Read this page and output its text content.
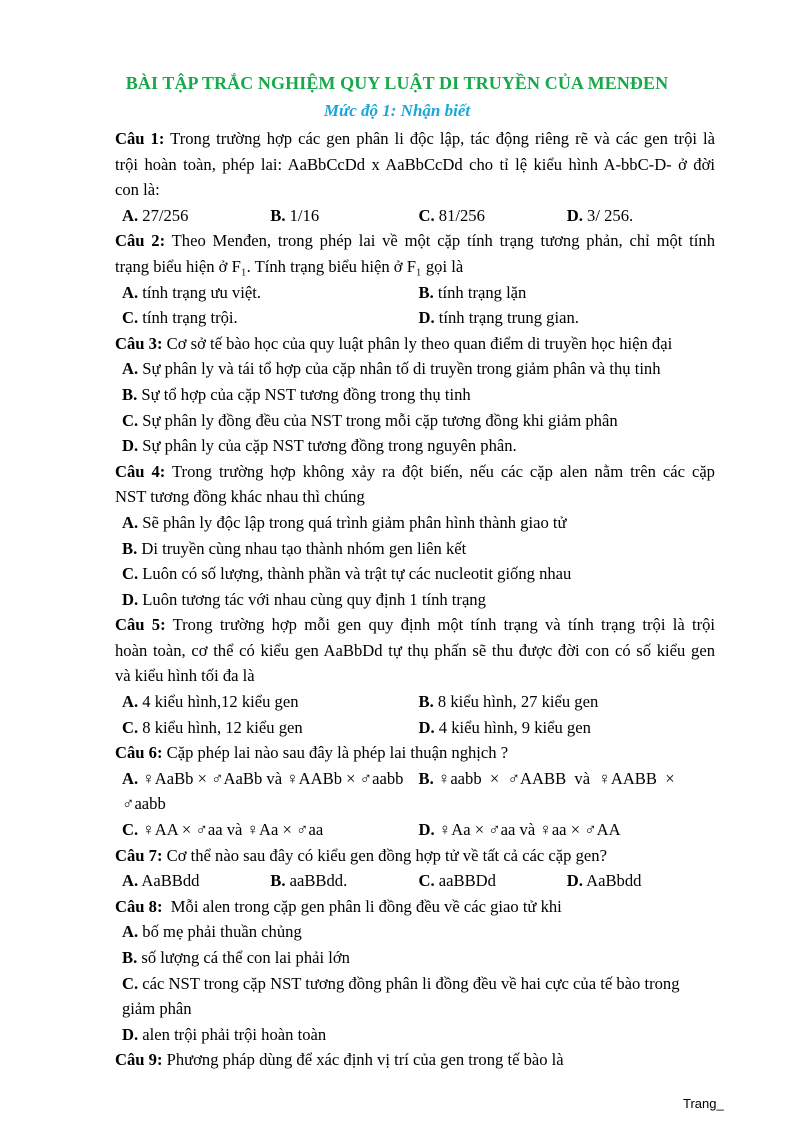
BÀI TẬP TRẮC NGHIỆM QUY LUẬT DI TRUYỀN CỦA MENĐEN
Mức độ 1: Nhận biết
Câu 1: Trong trường hợp các gen phân li độc lập, tác động riêng rẽ và các gen trội là
trội hoàn toàn, phép lai: AaBbCcDd x AaBbCcDd cho tỉ lệ kiểu hình A-bbC-D- ở đời
con là:
A. 27/256	B. 1/16	C. 81/256	D. 3/ 256.
Câu 2: Theo Menđen, trong phép lai về một cặp tính trạng tương phản, chỉ một tính
trạng biểu hiện ở F₁. Tính trạng biểu hiện ở F₁ gọi là
A. tính trạng ưu việt.	B. tính trạng lặn
C. tính trạng trội.	D. tính trạng trung gian.
Câu 3: Cơ sở tế bào học của quy luật phân ly theo quan điểm di truyền học hiện đại
A. Sự phân ly và tái tổ hợp của cặp nhân tố di truyền trong giảm phân và thụ tinh
B. Sự tổ hợp của cặp NST tương đồng trong thụ tinh
C. Sự phân ly đồng đều của NST trong mỗi cặp tương đồng khi giảm phân
D. Sự phân ly của cặp NST tương đồng trong nguyên phân.
Câu 4: Trong trường hợp không xảy ra đột biến, nếu các cặp alen nằm trên các cặp
NST tương đồng khác nhau thì chúng
A. Sẽ phân ly độc lập trong quá trình giảm phân hình thành giao tử
B. Di truyền cùng nhau tạo thành nhóm gen liên kết
C. Luôn có số lượng, thành phần và trật tự các nucleotit giống nhau
D. Luôn tương tác với nhau cùng quy định 1 tính trạng
Câu 5: Trong trường hợp mỗi gen quy định một tính trạng và tính trạng trội là trội
hoàn toàn, cơ thể có kiểu gen AaBbDd tự thụ phấn sẽ thu được đời con có số kiểu gen
và kiểu hình tối đa là
A. 4 kiểu hình,12 kiểu gen	B. 8 kiểu hình, 27 kiểu gen
C. 8 kiểu hình, 12 kiểu gen	D. 4 kiểu hình, 9 kiểu gen
Câu 6: Cặp phép lai nào sau đây là phép lai thuận nghịch ?
A. ♀AaBb × ♂AaBb và ♀AABb × ♂aabb B. ♀aabb  ×  ♂AABB  và  ♀AABB  ×
♂aabb
C. ♀AA × ♂aa và ♀Aa × ♂aa	D. ♀Aa × ♂aa và ♀aa × ♂AA
Câu 7: Cơ thể nào sau đây có kiểu gen đồng hợp tử về tất cả các cặp gen?
A. AaBBdd	B. aaBBdd.	C. aaBBDd	D. AaBbdd
Câu 8:  Mỗi alen trong cặp gen phân li đồng đều về các giao tử khi
A. bố mẹ phải thuần chủng
B. số lượng cá thể con lai phải lớn
C. các NST trong cặp NST tương đồng phân li đồng đều về hai cực của tế bào trong
giảm phân
D. alen trội phải trội hoàn toàn
Câu 9: Phương pháp dùng để xác định vị trí của gen trong tế bào là
Trang_
